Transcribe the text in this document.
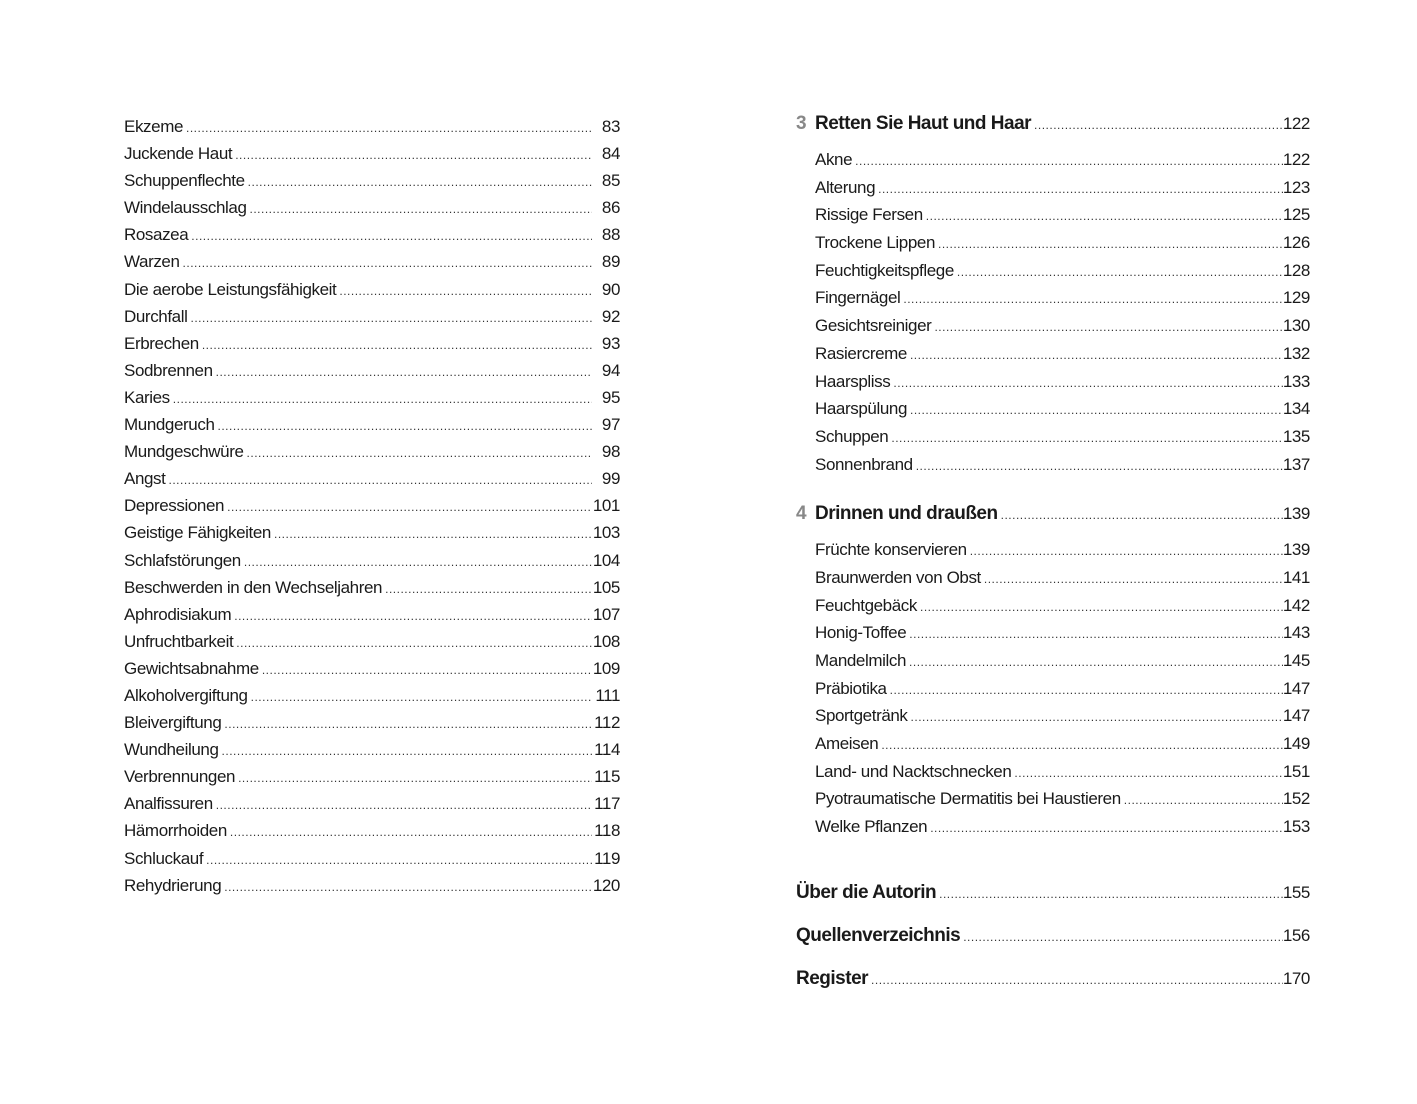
Ekzeme .....	83
Juckende Haut .....	84
Schuppenflechte .....	85
Windelausschlag .....	86
Rosazea .....	88
Warzen .....	89
Die aerobe Leistungsfähigkeit .....	90
Durchfall .....	92
Erbrechen .....	93
Sodbrennen .....	94
Karies .....	95
Mundgeruch .....	97
Mundgeschwüre .....	98
Angst .....	99
Depressionen .....	101
Geistige Fähigkeiten .....	103
Schlafstörungen .....	104
Beschwerden in den Wechseljahren .....	105
Aphrodisiakum .....	107
Unfruchtbarkeit .....	108
Gewichtsabnahme .....	109
Alkoholvergiftung .....	111
Bleivergiftung .....	112
Wundheilung .....	114
Verbrennungen .....	115
Analfissuren .....	117
Hämorrhoiden .....	118
Schluckauf .....	119
Rehydrierung .....	120
3 Retten Sie Haut und Haar .....	122
Akne .....	122
Alterung .....	123
Rissige Fersen .....	125
Trockene Lippen .....	126
Feuchtigkeitspflege .....	128
Fingernägel .....	129
Gesichtsreiniger .....	130
Rasiercreme .....	132
Haarspliss .....	133
Haarspülung .....	134
Schuppen .....	135
Sonnenbrand .....	137
4 Drinnen und draußen .....	139
Früchte konservieren .....	139
Braunwerden von Obst .....	141
Feuchtgebäck .....	142
Honig-Toffee .....	143
Mandelmilch .....	145
Präbiotika .....	147
Sportgetränk .....	147
Ameisen .....	149
Land- und Nacktschnecken .....	151
Pyotraumatische Dermatitis bei Haustieren .....	152
Welke Pflanzen .....	153
Über die Autorin .....	155
Quellenverzeichnis .....	156
Register .....	170
